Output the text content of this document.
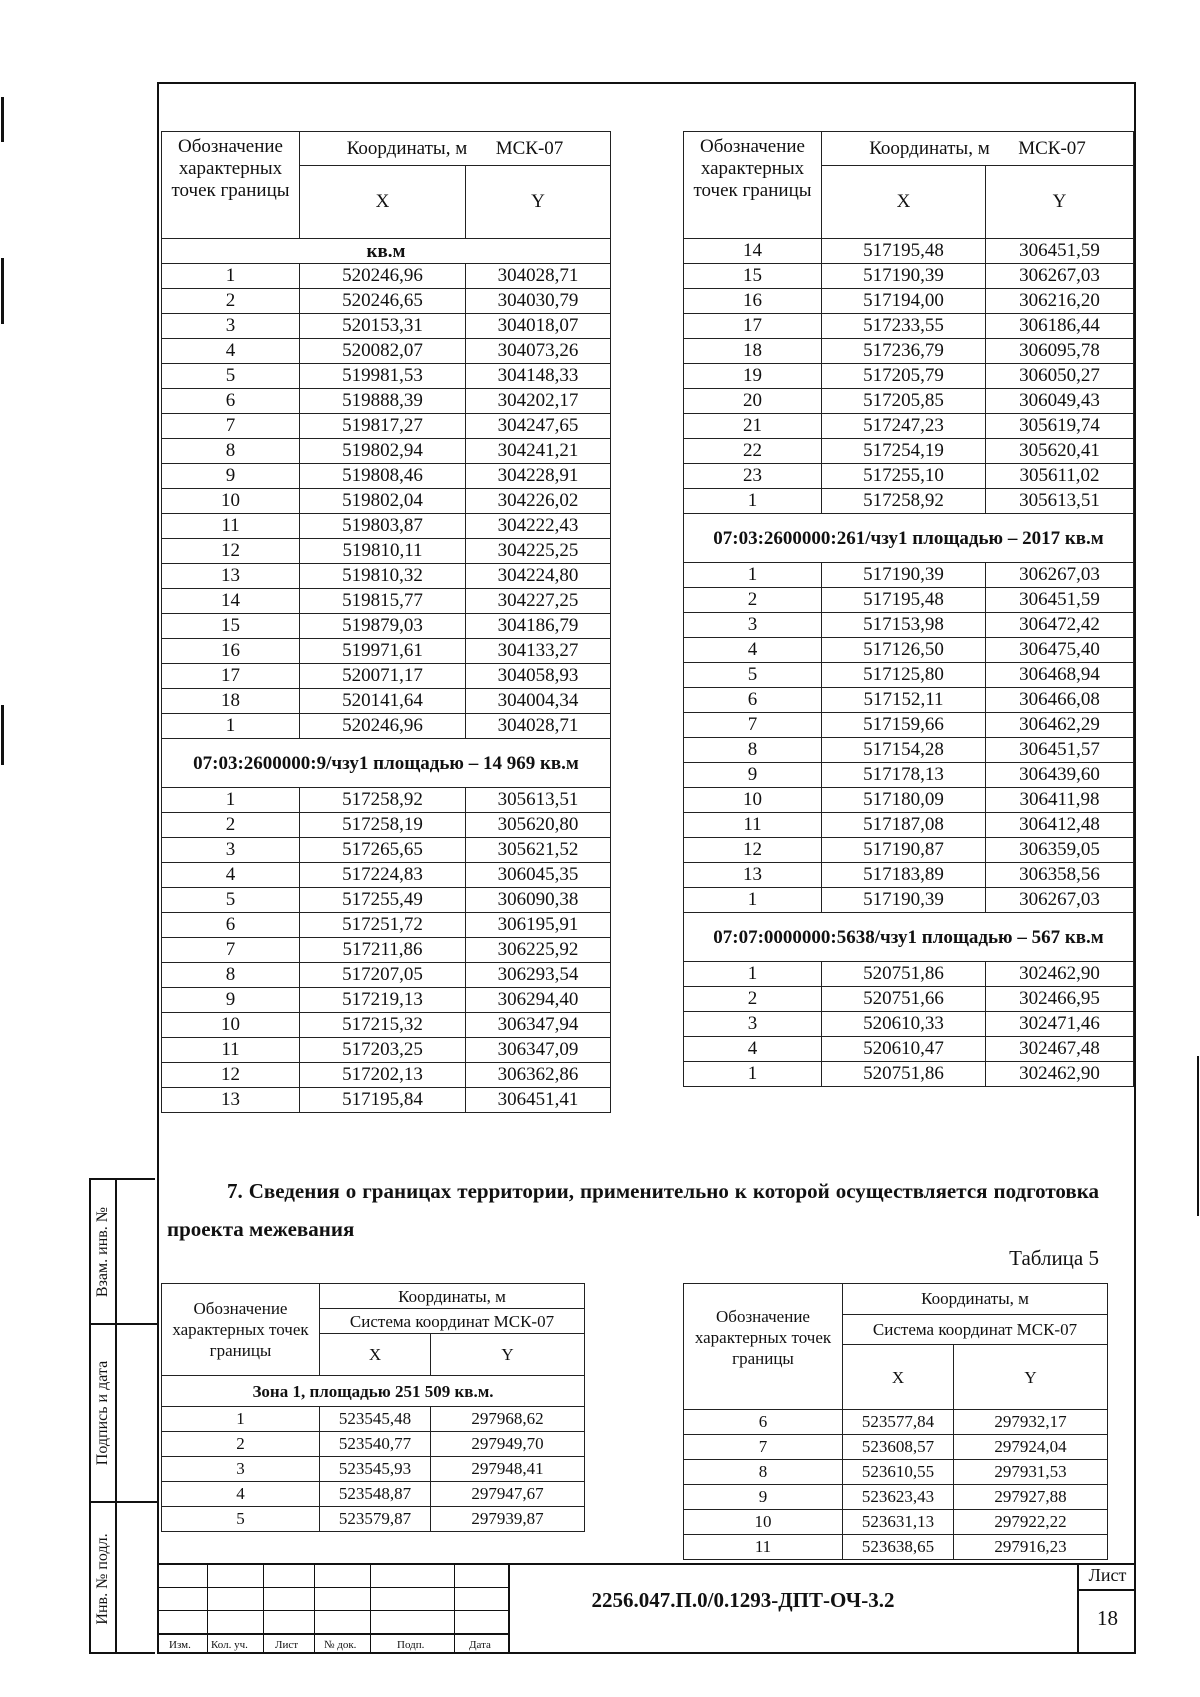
Взам. инв. №
Подпись и дата
Инв. № подл.
Обозначение характерных точек границы	Координаты, м МСК-07	
	X	Y
кв.м		
1	520246,96	304028,71
2	520246,65	304030,79
3	520153,31	304018,07
4	520082,07	304073,26
5	519981,53	304148,33
6	519888,39	304202,17
7	519817,27	304247,65
8	519802,94	304241,21
9	519808,46	304228,91
10	519802,04	304226,02
11	519803,87	304222,43
12	519810,11	304225,25
13	519810,32	304224,80
14	519815,77	304227,25
15	519879,03	304186,79
16	519971,61	304133,27
17	520071,17	304058,93
18	520141,64	304004,34
1	520246,96	304028,71
07:03:2600000:9/чзу1 площадью – 14 969 кв.м		
1	517258,92	305613,51
2	517258,19	305620,80
3	517265,65	305621,52
4	517224,83	306045,35
5	517255,49	306090,38
6	517251,72	306195,91
7	517211,86	306225,92
8	517207,05	306293,54
9	517219,13	306294,40
10	517215,32	306347,94
11	517203,25	306347,09
12	517202,13	306362,86
13	517195,84	306451,41
Обозначение характерных точек границы	Координаты, м МСК-07	
	X	Y
14	517195,48	306451,59
15	517190,39	306267,03
16	517194,00	306216,20
17	517233,55	306186,44
18	517236,79	306095,78
19	517205,79	306050,27
20	517205,85	306049,43
21	517247,23	305619,74
22	517254,19	305620,41
23	517255,10	305611,02
1	517258,92	305613,51
07:03:2600000:261/чзу1 площадью – 2017 кв.м		
1	517190,39	306267,03
2	517195,48	306451,59
3	517153,98	306472,42
4	517126,50	306475,40
5	517125,80	306468,94
6	517152,11	306466,08
7	517159,66	306462,29
8	517154,28	306451,57
9	517178,13	306439,60
10	517180,09	306411,98
11	517187,08	306412,48
12	517190,87	306359,05
13	517183,89	306358,56
1	517190,39	306267,03
07:07:0000000:5638/чзу1 площадью – 567 кв.м		
1	520751,86	302462,90
2	520751,66	302466,95
3	520610,33	302471,46
4	520610,47	302467,48
1	520751,86	302462,90
7. Сведения о границах территории, применительно к которой осуществляется подготовка проекта межевания
Таблица 5
Обозначение характерных точек границы	Координаты, м	
	Система координат МСК-07	
	X	Y
Зона 1, площадью 251 509 кв.м.		
1	523545,48	297968,62
2	523540,77	297949,70
3	523545,93	297948,41
4	523548,87	297947,67
5	523579,87	297939,87
Обозначение характерных точек границы	Координаты, м	
	Система координат МСК-07	
	X	Y
6	523577,84	297932,17
7	523608,57	297924,04
8	523610,55	297931,53
9	523623,43	297927,88
10	523631,13	297922,22
11	523638,65	297916,23
Изм. Кол. уч. Лист № док.	Подп.	Дата
Лист
18
2256.047.П.0/0.1293-ДПТ-ОЧ-3.2
